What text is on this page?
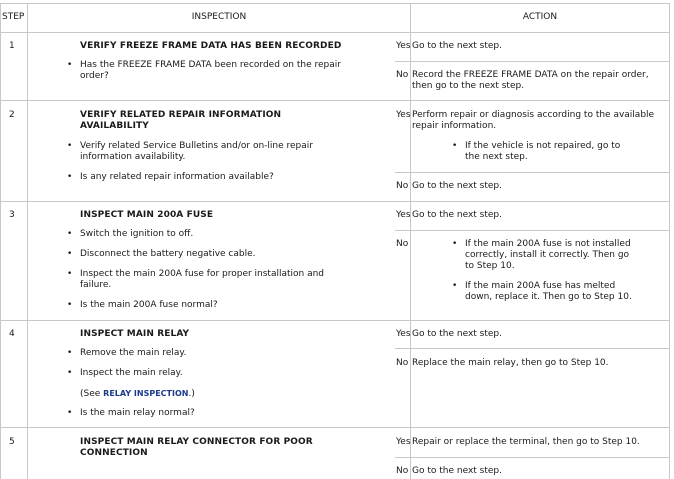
STEP	INSPECTION	ACTION
1	VERIFY FREEZE FRAME DATA HAS BEEN RECORDED
• Has the FREEZE FRAME DATA been recorded on the repair
order?
Yes Go to the next step.
No Record the FREEZE FRAME DATA on the repair order,
then go to the next step.
2	VERIFY RELATED REPAIR INFORMATION
AVAILABILITY
• Verify related Service Bulletins and/or on-line repair
information availability.
• Is any related repair information available?
Yes Perform repair or diagnosis according to the available
repair information.
• If the vehicle is not repaired, go to
the next step.
No Go to the next step.
3	INSPECT MAIN 200A FUSE
• Switch the ignition to off.
• Disconnect the battery negative cable.
• Inspect the main 200A fuse for proper installation and
failure.
• Is the main 200A fuse normal?
Yes Go to the next step.
No
•	If the main 200A fuse is not installed
correctly, install it correctly. Then go
to Step 10.
• If the main 200A fuse has melted
down, replace it. Then go to Step 10.
4	INSPECT MAIN RELAY
• Remove the main relay.
• Inspect the main relay.
(See RELAY INSPECTION.)
• Is the main relay normal?
Yes Go to the next step.
No Replace the main relay, then go to Step 10.
5	INSPECT MAIN RELAY CONNECTOR FOR POOR
CONNECTION
Yes Repair or replace the terminal, then go to Step 10.
No Go to the next step.
